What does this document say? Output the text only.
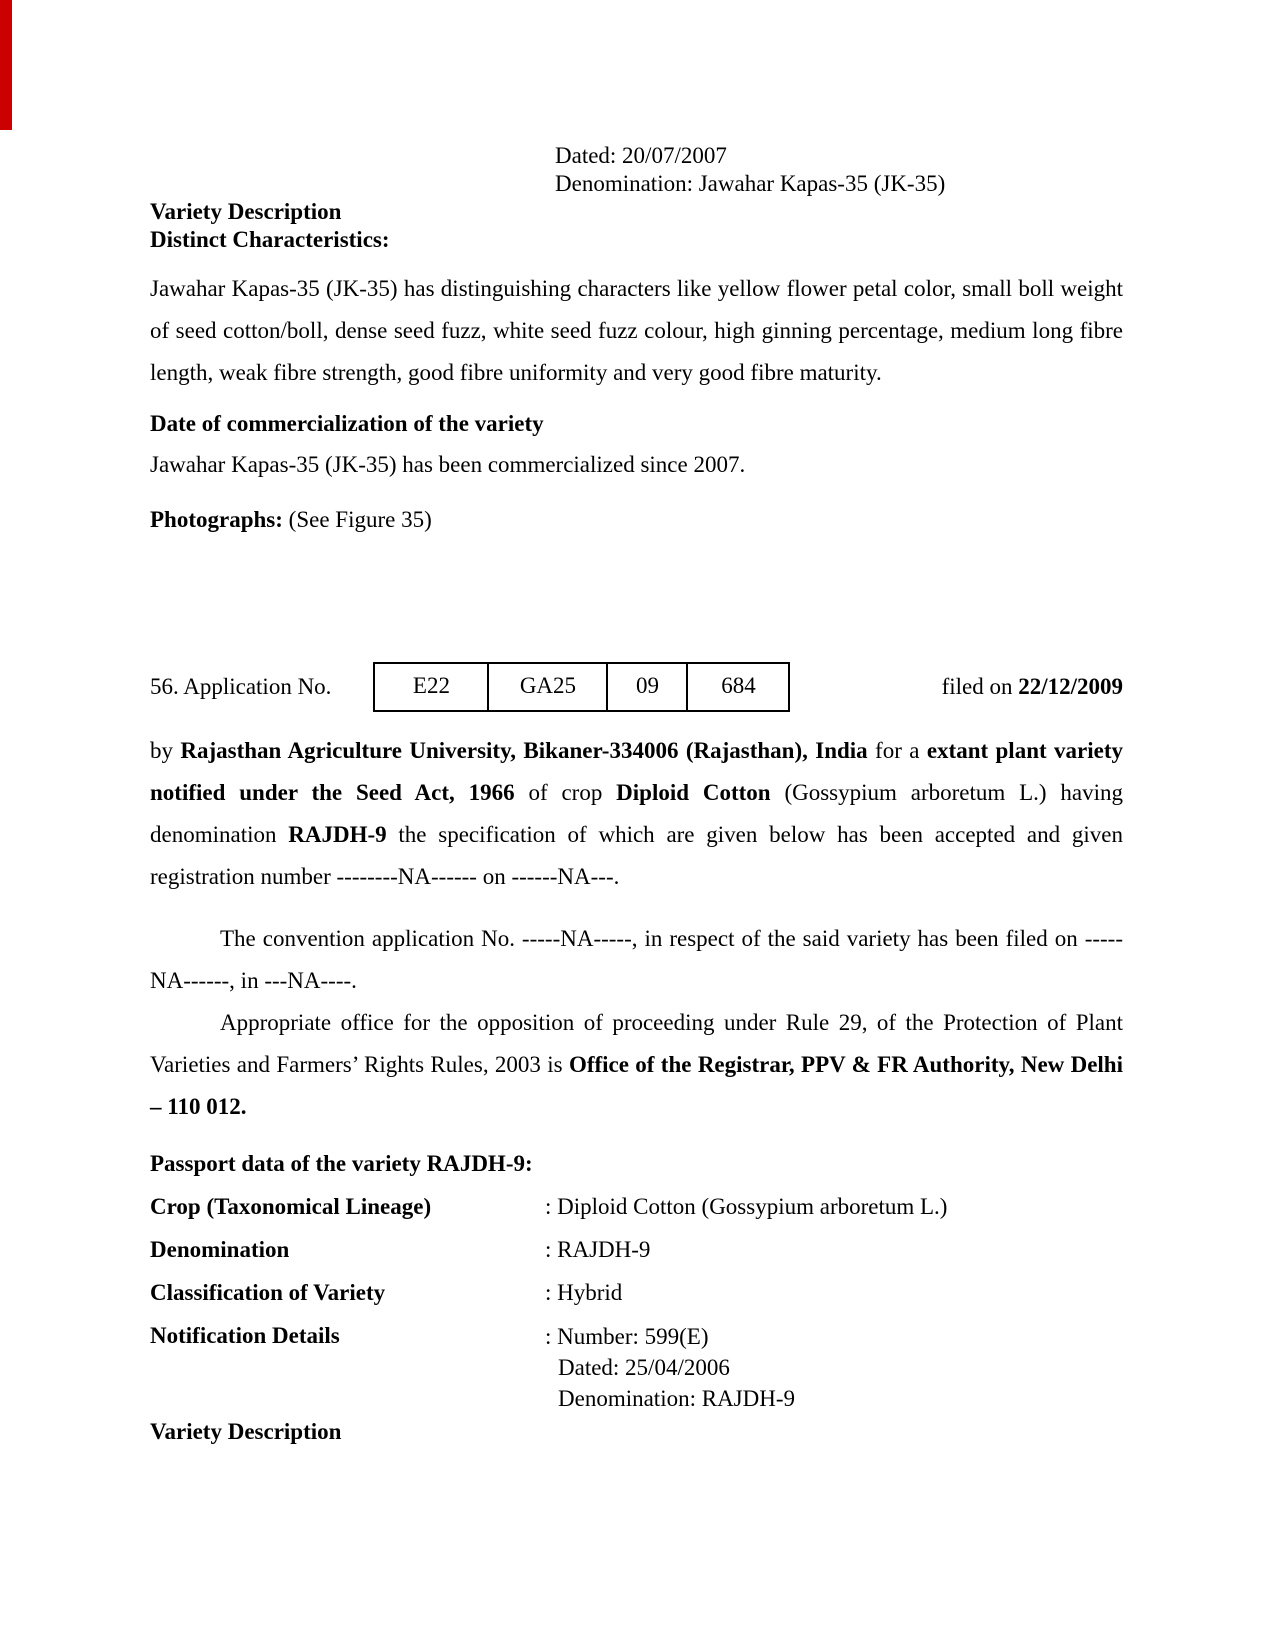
Dated: 20/07/2007
Denomination: Jawahar Kapas-35 (JK-35)
Variety Description
Distinct Characteristics:

Jawahar Kapas-35 (JK-35) has distinguishing characters like yellow flower petal color, small boll weight of seed cotton/boll, dense seed fuzz, white seed fuzz colour, high ginning percentage, medium long fibre length, weak fibre strength, good fibre uniformity and very good fibre maturity.

Date of commercialization of the variety
Jawahar Kapas-35 (JK-35) has been commercialized since 2007.
Photographs: (See Figure 35)
56. Application No.	E22	GA25	09	684	filed on 22/12/2009

by Rajasthan Agriculture University, Bikaner-334006 (Rajasthan), India for a extant plant variety notified under the Seed Act, 1966 of crop Diploid Cotton (Gossypium arboretum L.) having denomination RAJDH-9 the specification of which are given below has been accepted and given registration number --------NA------ on ------NA---.

The convention application No. -----NA-----, in respect of the said variety has been filed on -----NA------, in ---NA----.

Appropriate office for the opposition of proceeding under Rule 29, of the Protection of Plant Varieties and Farmers’ Rights Rules, 2003 is Office of the Registrar, PPV & FR Authority, New Delhi – 110 012.

Passport data of the variety RAJDH-9:
Crop (Taxonomical Lineage)	: Diploid Cotton (Gossypium arboretum L.)
Denomination	: RAJDH-9
Classification of Variety	: Hybrid
Notification Details	: Number: 599(E)
Dated: 25/04/2006
Denomination: RAJDH-9
Variety Description
